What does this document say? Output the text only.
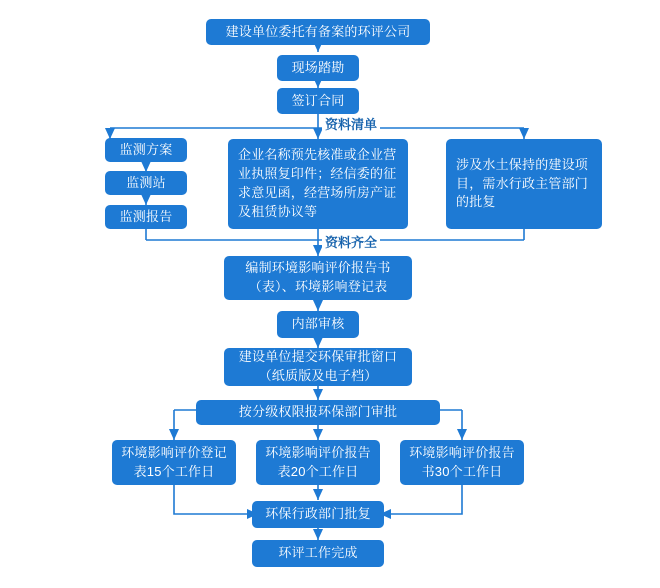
建设单位委托有备案的环评公司
现场踏勘
签订合同
监测方案
监测站
监测报告
企业名称预先核准或企业营业执照复印件；经信委的征求意见函，经营场所房产证及租赁协议等
涉及水土保持的建设项目，需水行政主管部门的批复
编制环境影响评价报告书（表）、环境影响登记表
内部审核
建设单位提交环保审批窗口（纸质版及电子档）
按分级权限报环保部门审批
环境影响评价登记表15个工作日
环境影响评价报告表20个工作日
环境影响评价报告书30个工作日
环保行政部门批复
环评工作完成
资料清单
资料齐全
